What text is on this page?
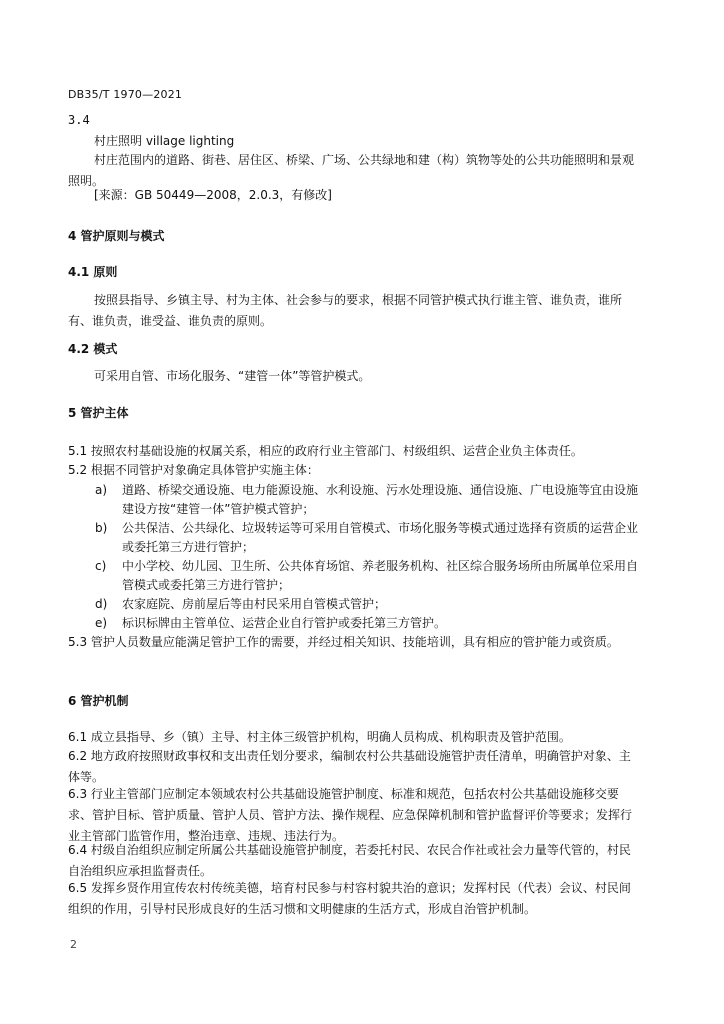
DB35/T 1970—2021
3.4
村庄照明 village lighting
村庄范围内的道路、街巷、居住区、桥梁、广场、公共绿地和建（构）筑物等处的公共功能照明和景观照明。
[来源：GB 50449—2008，2.0.3，有修改]
4 管护原则与模式
4.1 原则
按照县指导、乡镇主导、村为主体、社会参与的要求，根据不同管护模式执行谁主管、谁负责，谁所有、谁负责，谁受益、谁负责的原则。
4.2 模式
可采用自管、市场化服务、“建管一体”等管护模式。
5 管护主体
5.1 按照农村基础设施的权属关系，相应的政府行业主管部门、村级组织、运营企业负主体责任。
5.2 根据不同管护对象确定具体管护实施主体：
a) 道路、桥梁交通设施、电力能源设施、水利设施、污水处理设施、通信设施、广电设施等宜由设施建设方按“建管一体”管护模式管护；
b) 公共保洁、公共绿化、垃圾转运等可采用自管模式、市场化服务等模式通过选择有资质的运营企业或委托第三方进行管护；
c) 中小学校、幼儿园、卫生所、公共体育场馆、养老服务机构、社区综合服务场所由所属单位采用自管模式或委托第三方进行管护；
d) 农家庭院、房前屋后等由村民采用自管模式管护；
e) 标识标牌由主管单位、运营企业自行管护或委托第三方管护。
5.3 管护人员数量应能满足管护工作的需要，并经过相关知识、技能培训，具有相应的管护能力或资质。
6 管护机制
6.1 成立县指导、乡（镇）主导、村主体三级管护机构，明确人员构成、机构职责及管护范围。
6.2 地方政府按照财政事权和支出责任划分要求，编制农村公共基础设施管护责任清单，明确管护对象、主体等。
6.3 行业主管部门应制定本领域农村公共基础设施管护制度、标准和规范，包括农村公共基础设施移交要求、管护目标、管护质量、管护人员、管护方法、操作规程、应急保障机制和管护监督评价等要求；发挥行业主管部门监管作用，整治违章、违规、违法行为。
6.4 村级自治组织应制定所属公共基础设施管护制度，若委托村民、农民合作社或社会力量等代管的，村民自治组织应承担监督责任。
6.5 发挥乡贤作用宣传农村传统美德，培育村民参与村容村貌共治的意识；发挥村民（代表）会议、村民间组织的作用，引导村民形成良好的生活习惯和文明健康的生活方式，形成自治管护机制。
2
